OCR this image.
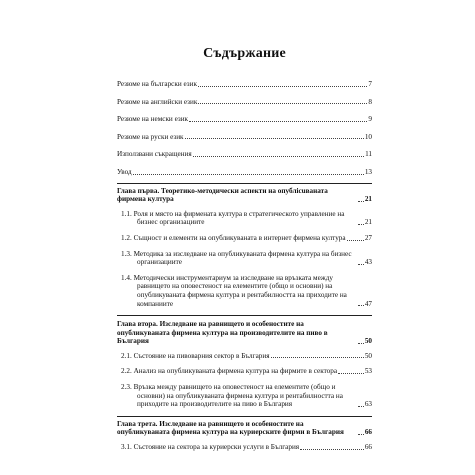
Съдържание
Резюме на български език	7
Резюме на английски език	8
Резюме на немски език	9
Резюме на руски език	10
Използвани съкращения	11
Увод	13
Глава първа. Теоретико-методически аспекти на опублicuваната фирмена култура	21
1.1. Роля и място на фирмената култура в стратегическото управление на бизнес организациите	21
1.2. Същност и елементи на опубликуваната в интернет фирмена култура	27
1.3. Методика за изследване на опубликуваната фирмена култура на бизнес организациите	43
1.4. Методически инструментариум за изследване на връзката между равнището на оповестеност на елементите (общо и основни) на опубликуваната фирмена култура и рентабилността на приходите на компаниите	47
Глава втора. Изследване на равнището и особеностите на опубликуваната фирмена култура на производителите на пиво в България	50
2.1. Състояние на пивоварния сектор в България	50
2.2. Анализ на опубликуваната фирмена култура на фирмите в сектора	53
2.3. Връзка между равнището на оповестеност на елементите (общо и основни) на опубликуваната фирмена култура и рентабилността на приходите на производителите на пиво в България	63
Глава трета. Изследване на равнището и особеностите на опубликуваната фирмена култура на куриерските фирми в България	66
3.1. Състояние на сектора за куриерски услуги в България	66
